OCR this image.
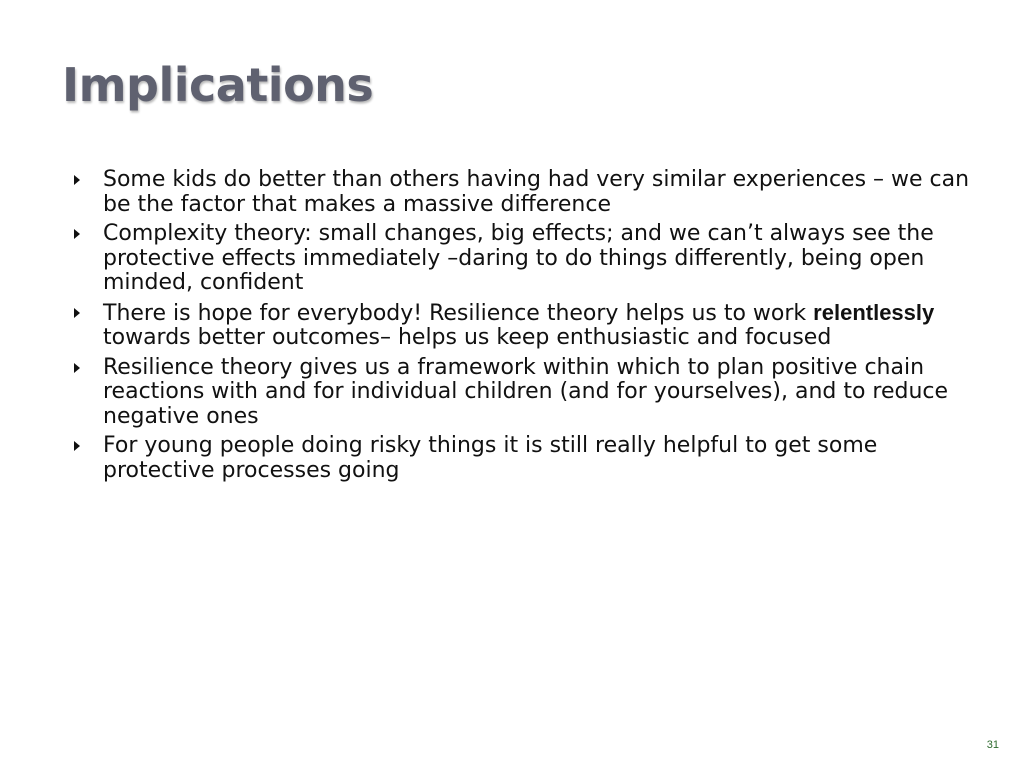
Implications
Some kids do better than others having had very similar experiences – we can be the factor that makes a massive difference
Complexity theory: small changes, big effects; and we can’t always see the protective effects immediately –daring to do things differently, being open minded, confident
There is hope for everybody! Resilience theory helps us to work relentlessly towards better outcomes– helps us keep enthusiastic and focused
Resilience theory gives us a framework within which to plan positive chain reactions with and for individual children (and for yourselves), and to reduce negative ones
For young people doing risky things it is still really helpful to get some protective processes going
31
